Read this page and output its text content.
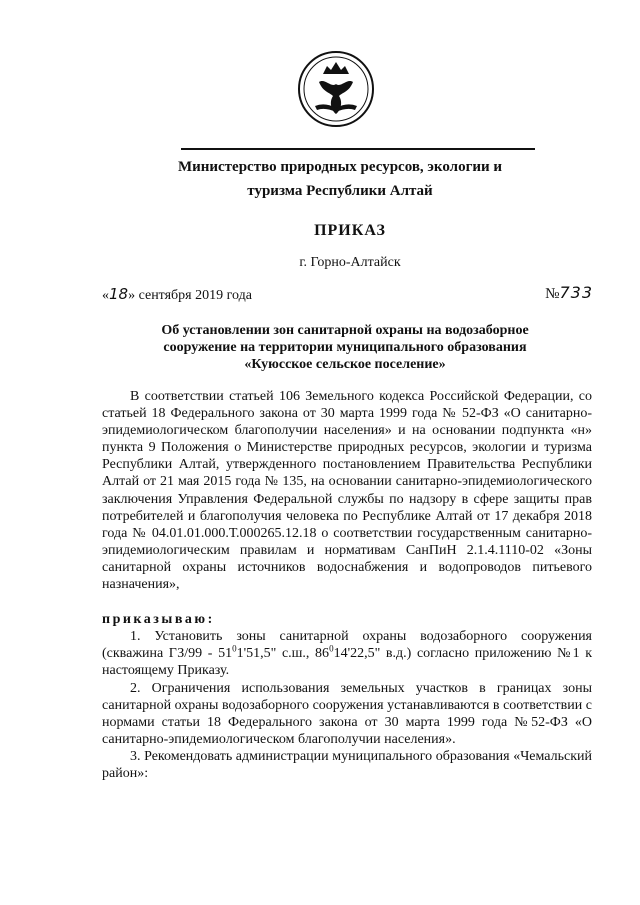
Министерство природных ресурсов, экологии и
туризма Республики Алтай
ПРИКАЗ
г. Горно-Алтайск
«18» сентября 2019 года	№733
Об установлении зон санитарной охраны на водозаборное
сооружение на территории муниципального образования
«Куюсское сельское поселение»

В соответствии статьей 106 Земельного кодекса Российской Федерации, со статьей 18 Федерального закона от 30 марта 1999 года № 52-ФЗ «О санитарно-эпидемиологическом благополучии населения» и на основании подпункта «н» пункта 9 Положения о Министерстве природных ресурсов, экологии и туризма Республики Алтай, утвержденного постановлением Правительства Республики Алтай от 21 мая 2015 года № 135, на основании санитарно-эпидемиологического заключения Управления Федеральной службы по надзору в сфере защиты прав потребителей и благополучия человека по Республике Алтай от 17 декабря 2018 года № 04.01.01.000.Т.000265.12.18 о соответствии государственным санитарно-эпидемиологическим правилам и нормативам СанПиН 2.1.4.1110-02 «Зоны санитарной охраны источников водоснабжения и водопроводов питьевого назначения»,

приказываю:

1. Установить зоны санитарной охраны водозаборного сооружения (скважина $ГЗ/99 - 51^01'51,5$" с.ш., $86^014'22,5$" в.д.) согласно приложению №1 к настоящему Приказу.

2. Ограничения использования земельных участков в границах зоны санитарной охраны водозаборного сооружения устанавливаются в соответствии с нормами статьи 18 Федерального закона от 30 марта 1999 года №52-ФЗ «О санитарно-эпидемиологическом благополучии населения».

3. Рекомендовать администрации муниципального образования «Чемальский район»:
